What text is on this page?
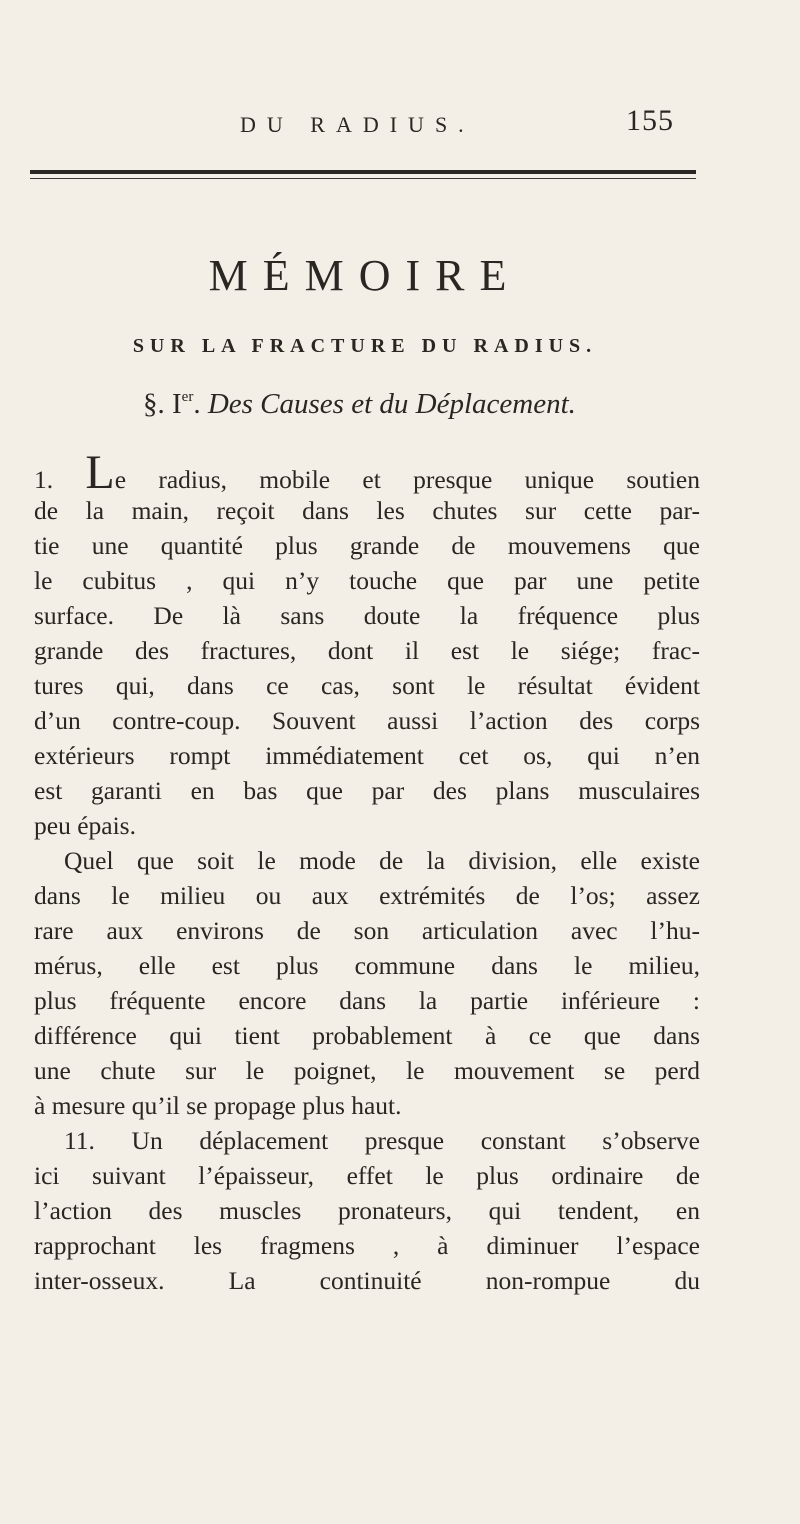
DU RADIUS.	155
MÉMOIRE
SUR LA FRACTURE DU RADIUS.
§. Ier. Des Causes et du Déplacement.
1. Le radius, mobile et presque unique soutien
de la main, reçoit dans les chutes sur cette par-
tie une quantité plus grande de mouvemens que
le cubitus , qui n’y touche que par une petite
surface. De là sans doute la fréquence plus
grande des fractures, dont il est le siége; frac-
tures qui, dans ce cas, sont le résultat évident
d’un contre-coup. Souvent aussi l’action des corps
extérieurs rompt immédiatement cet os, qui n’en
est garanti en bas que par des plans musculaires
peu épais.
Quel que soit le mode de la division, elle existe
dans le milieu ou aux extrémités de l’os; assez
rare aux environs de son articulation avec l’hu-
mérus, elle est plus commune dans le milieu,
plus fréquente encore dans la partie inférieure :
différence qui tient probablement à ce que dans
une chute sur le poignet, le mouvement se perd
à mesure qu’il se propage plus haut.
11. Un déplacement presque constant s’observe
ici suivant l’épaisseur, effet le plus ordinaire de
l’action des muscles pronateurs, qui tendent, en
rapprochant les fragmens , à diminuer l’espace
inter-osseux. La continuité non-rompue du
